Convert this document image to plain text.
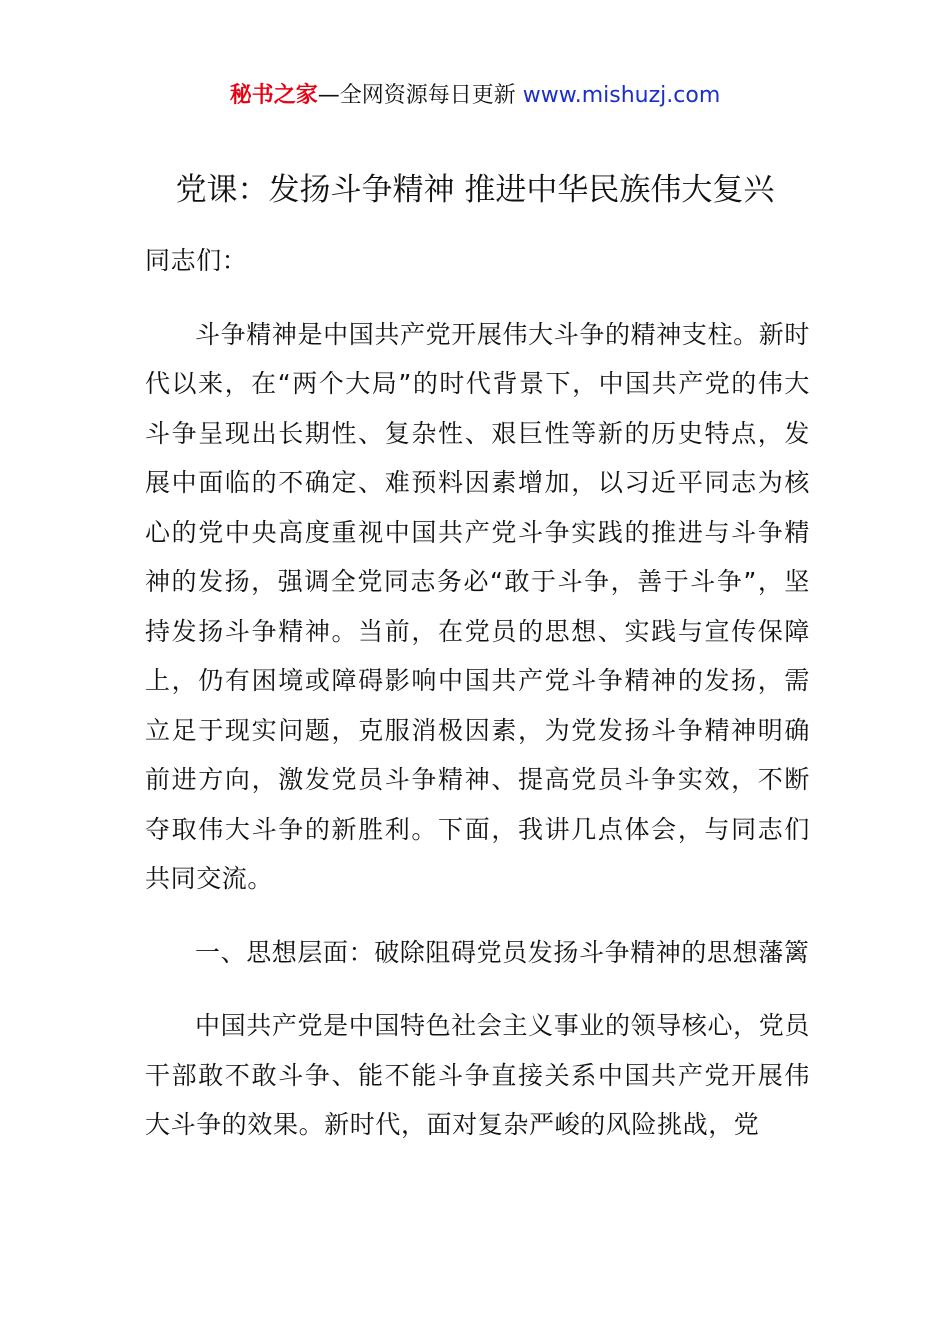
秘书之家—全网资源每日更新 www.mishuzj.com
党课：发扬斗争精神 推进中华民族伟大复兴

同志们：

斗争精神是中国共产党开展伟大斗争的精神支柱。新时代以来，在“两个大局”的时代背景下，中国共产党的伟大斗争呈现出长期性、复杂性、艰巨性等新的历史特点，发展中面临的不确定、难预料因素增加，以习近平同志为核心的党中央高度重视中国共产党斗争实践的推进与斗争精神的发扬，强调全党同志务必“敢于斗争，善于斗争”，坚持发扬斗争精神。当前，在党员的思想、实践与宣传保障上，仍有困境或障碍影响中国共产党斗争精神的发扬，需立足于现实问题，克服消极因素，为党发扬斗争精神明确前进方向，激发党员斗争精神、提高党员斗争实效，不断夺取伟大斗争的新胜利。下面，我讲几点体会，与同志们共同交流。

一、思想层面：破除阻碍党员发扬斗争精神的思想藩篱

中国共产党是中国特色社会主义事业的领导核心，党员干部敢不敢斗争、能不能斗争直接关系中国共产党开展伟大斗争的效果。新时代，面对复杂严峻的风险挑战，党
